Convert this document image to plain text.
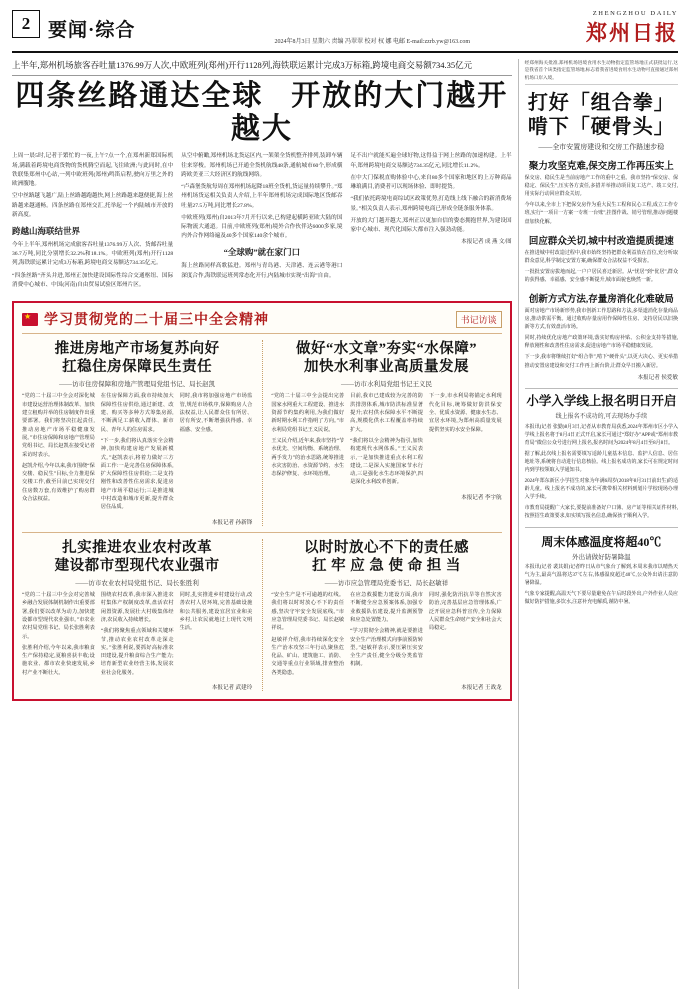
2 要闻·综合
2024年8月3日 星期六 责编 冯翠翠 校对 权 娜 电邮 E-mail:zzrb.yw@163.com
ZHENGZHOU DAILY
郑州日报
上半年,郑州机场旅客吞吐量1376.99万人次,中欧班列(郑州)开行1128列,海铁联运累计完成3万标箱,跨境电商交易额734.35亿元
四条丝路通达全球 开放的大门越开越大

上周一晨5时,记者于繁忙的一夜,上午7点一个,在郑州新郑国际机场,满载着跨境电商货物的货机腾空而起,飞往欧洲;与此同时,在中铁联集郑州中心站,一列中欧班列(郑州)鸣笛启程,驶向万里之外的欧洲腹地。

空中丝路越飞越广,陆上丝路越跑越快,网上丝路越来越便捷,海上丝路越来越通畅。四条丝路在郑州交汇,托举起一个内陆城市开放的新高度。

跨越山海联结世界

今年上半年,郑州机场完成旅客吞吐量1376.99万人次、货邮吞吐量36.7万吨,同比分别增长32.2%和18.1%。中欧班列(郑州)开行1128列,海铁联运累计完成3万标箱,跨境电商交易额达734.35亿元。

“四条丝路”齐头并进,郑州正加快建设国际性综合交通枢纽、国际消费中心城市、中国(河南)自由贸易试验区郑州片区。

从空中俯瞰,郑州机场北货运区内,一架架全货机整齐排列,装卸车辆往来穿梭。郑州机场已开通全货机航线48条,通航城市60个,形成横跨欧美亚三大经济区的航线网络。

“卢森堡货航每周在郑州机场起降18班全货机,货运量持续攀升。”郑州机场货运相关负责人介绍,上半年郑州机场完成国际地区货邮吞吐量27.5万吨,同比增长27.8%。

中欧班列(郑州)自2013年7月开行以来,已构建起横跨亚欧大陆的国际物流大通道。目前,中欧班列(郑州)境外合作伙伴达6000多家,境内外合作网络遍及40多个国家140余个城市。

“全球购”就在家门口

海上丝路同样高歌猛进。郑州与青岛港、天津港、连云港等港口深度合作,海铁联运班列常态化开行,内陆城市实现“出海”自由。

足不出户就能买遍全球好物,这得益于网上丝路的加速构建。上半年,郑州跨境电商交易额达734.35亿元,同比增长11.2%。

在中大门保税直购体验中心,来自80多个国家和地区的上万种商品琳琅满目,消费者可以现场体验、即时提货。

“我们依托跨境电商综试区政策优势,打造线上线下融合的新消费场景。”相关负责人表示,郑州跨境电商已形成全链条服务体系。

开放的大门越开越大,郑州正以更加自信的姿态拥抱世界,为建设国家中心城市、现代化国际大都市注入强劲动能。

本报记者 成 燕 文/图

★
学习贯彻党的二十届三中全会精神	书记访谈
推进房地产市场复苏向好
扛稳住房保障民生责任
——访市住房保障和房地产管理局党组书记、局长赵凯

“党的二十届三中全会对深化城市建设运营治理体制改革、加快建立租购并举的住房制度作出重要部署。我们将坚决扛起责任,推动房地产市场平稳健康发展。”市住房保障和房地产管理局党组书记、局长赵凯在接受记者采访时表示。

赵凯介绍,今年以来,我市围绕“保交楼、稳民生”目标,全力推进保交楼工作,截至目前已实现交付住房数万套,有效维护了购房群众合法权益。

在住房保障方面,我市持续加大保障性住房供给,通过新建、改建、购买等多种方式筹集房源,不断满足工薪收入群体、新市民、青年人的住房需求。

“下一步,我们将认真落实全会精神,加快构建房地产发展新模式。”赵凯表示,将着力做好三方面工作:一是完善住房保障体系,扩大保障性住房供给;二是支持刚性和改善性住房需求,促进房地产市场平稳运行;三是推进城中村改造和城市更新,提升群众居住品质。

同时,我市将加强房地产市场监管,规范市场秩序,保障购房人合法权益,让人民群众住有所居、居有所安,不断增强获得感、幸福感、安全感。

本报记者 孙新锋
做好“水文章”夯实“水保障”
加快水利事业高质量发展
——访市水利局党组书记王义民

“党的二十届三中全会提出完善国家水网重大工程建设、推进水资源节约集约利用,为我们做好新时期水利工作指明了方向。”市水利局党组书记王义民说。

王义民介绍,近年来,我市坚持“节水优先、空间均衡、系统治理、两手发力”的治水思路,统筹推进水灾害防治、水资源节约、水生态保护修复、水环境治理。

目前,我市已建成较为完善的防洪排涝体系,城市防洪标准显著提升;农村供水保障水平不断提高,规模化供水工程覆盖率持续扩大。

“我们将以全会精神为指引,加快构建现代水网体系。”王义民表示,一是加快推进重点水利工程建设,二是深入实施国家节水行动,三是强化水生态环境保护,四是深化水利改革创新。

下一步,市水利局将锚定水利现代化目标,统筹做好防洪保安全、优质水资源、健康水生态、宜居水环境,为郑州高质量发展提供坚实的水安全保障。

本报记者 李宇航
扎实推进农业农村改革
建设都市型现代农业强市
——访市农业农村局党组书记、局长张胜利

“党的二十届三中全会对完善城乡融合发展体制机制作出重要部署,我们要以改革为动力,加快建设都市型现代农业强市。”市农业农村局党组书记、局长张胜利表示。

张胜利介绍,今年以来,我市粮食生产保持稳定,夏粮喜获丰收;设施农业、都市农业快速发展,乡村产业不断壮大。

围绕农村改革,我市深入推进农村集体产权制度改革,盘活农村闲置资源,发展壮大村级集体经济,农民收入持续增长。

“我们将聚焦重点领域和关键环节,推动农业农村改革走深走实。”张胜利说,要抓好高标准农田建设,提升粮食综合生产能力;培育新型农业经营主体,发展农业社会化服务。

同时,扎实推进乡村建设行动,改善农村人居环境,完善基础设施和公共服务,建设宜居宜业和美乡村,让农民就地过上现代文明生活。

本报记者 武建玲
以时时放心不下的责任感
扛 牢 应 急 使 命 担 当
——访市应急管理局党委书记、局长赵敏祥

“安全生产是不可逾越的红线。我们将以时时放心不下的责任感,坚决守牢安全发展底线。”市应急管理局党委书记、局长赵敏祥说。

赵敏祥介绍,我市持续深化安全生产治本攻坚三年行动,聚焦危化品、矿山、建筑施工、消防、交通等重点行业领域,排查整治各类隐患。

在应急救援能力建设方面,我市不断健全应急预案体系,加强专业救援队伍建设,提升监测预警和应急处置能力。

“学习贯彻全会精神,就是要推进安全生产治理模式向事前预防转型。”赵敏祥表示,要压紧压实安全生产责任,健全分级分类监管机制。

同时,强化防汛抗旱等自然灾害防治,完善基层应急管理体系,广泛开展应急科普宣传,全力保障人民群众生命财产安全和社会大局稳定。

本报记者 王战龙
经郑州海关批准,郑州机场进境食用水生动物指定监管场地正式获批运行,这是我省首个该类指定监管场地,标志着我省进境食用水生动物可直接通过郑州机场口岸入境。
打好「组合拳」啃下「硬骨头」
——全市安置房建设和交房工作路速步稳
聚力攻坚克难,保交房工作再压实上

保交房、稳民生是当前房地产工作的重中之重。我市坚持“保交房、保稳定、保民生”,压实各方责任,多措并举推动项目复工达产、竣工交付,用实际行动回应群众关切。

今年以来,全市上下把保交房作为重大民生工程和民心工程,成立工作专班,实行“一项目一方案一专班一台账”,挂图作战、销号管理,推动问题楼盘加快化解。

回应群众关切,城中村改造提质提速

在推进城中村改造过程中,我市始终坚持把群众利益放在首位,充分听取群众意见,科学制定安置方案,确保群众合法权益不受损害。

一批批安置房拔地而起,一户户居民喜迁新居。从“忧居”到“优居”,群众的获得感、幸福感、安全感不断提升,城市面貌也焕然一新。

创新方式方法,存量房消化化难破局

面对房地产市场新形势,我市创新工作思路和方法,多渠道消化存量商品房,推动供需平衡。通过收购存量房用作保障性住房、支持居民以旧换新等方式,有效盘活市场。

同时,持续优化房地产政策环境,落实好购房补贴、公积金支持等措施,释放刚性和改善性住房需求,促进房地产市场平稳健康发展。

下一步,我市将继续打好“组合拳”,啃下“硬骨头”,以更大决心、更实举措推动安置房建设和交付工作再上新台阶,让群众早日搬入新居。

本报记者 侯爱敏

小学入学线上报名明日开启
线上报名不成功的,可去现场办手续

本报讯(记者 张勤)8月3日,记者从市教育局获悉,2024年郑州市区小学入学线上报名将于8月4日正式开启,家长可通过“郑好办”APP或“郑州市教育局”微信公众号进行网上报名,报名时间为2024年8月4日至8月8日。

据了解,此次线上报名需要填写适龄儿童基本信息、监护人信息、居住地址等,系统将自动进行信息核验。线上报名成功的,家长可在规定时间内到学校领取入学通知书。

2024年郑东新区小学招生对象为年满6周岁(2018年8月31日前出生)的适龄儿童。线上报名不成功的,家长可携带相关材料到划片学校现场办理入学手续。

市教育局提醒广大家长,要提前准备好户口簿、房产证等相关证件材料,按照招生政策要求,如实填写报名信息,确保孩子顺利入学。

周末体感温度将超40℃
外出请做好防暑降温

本报讯(记者 裴其娟)记者昨日从市气象台了解到,本周末我市以晴热天气为主,最高气温将达37℃左右,体感温度超过40℃,公众外出请注意防暑降温。

气象专家提醒,高温天气下要尽量避免在午后时段外出,户外作业人员应做好防护措施,多饮水,注意补充电解质,谨防中暑。
